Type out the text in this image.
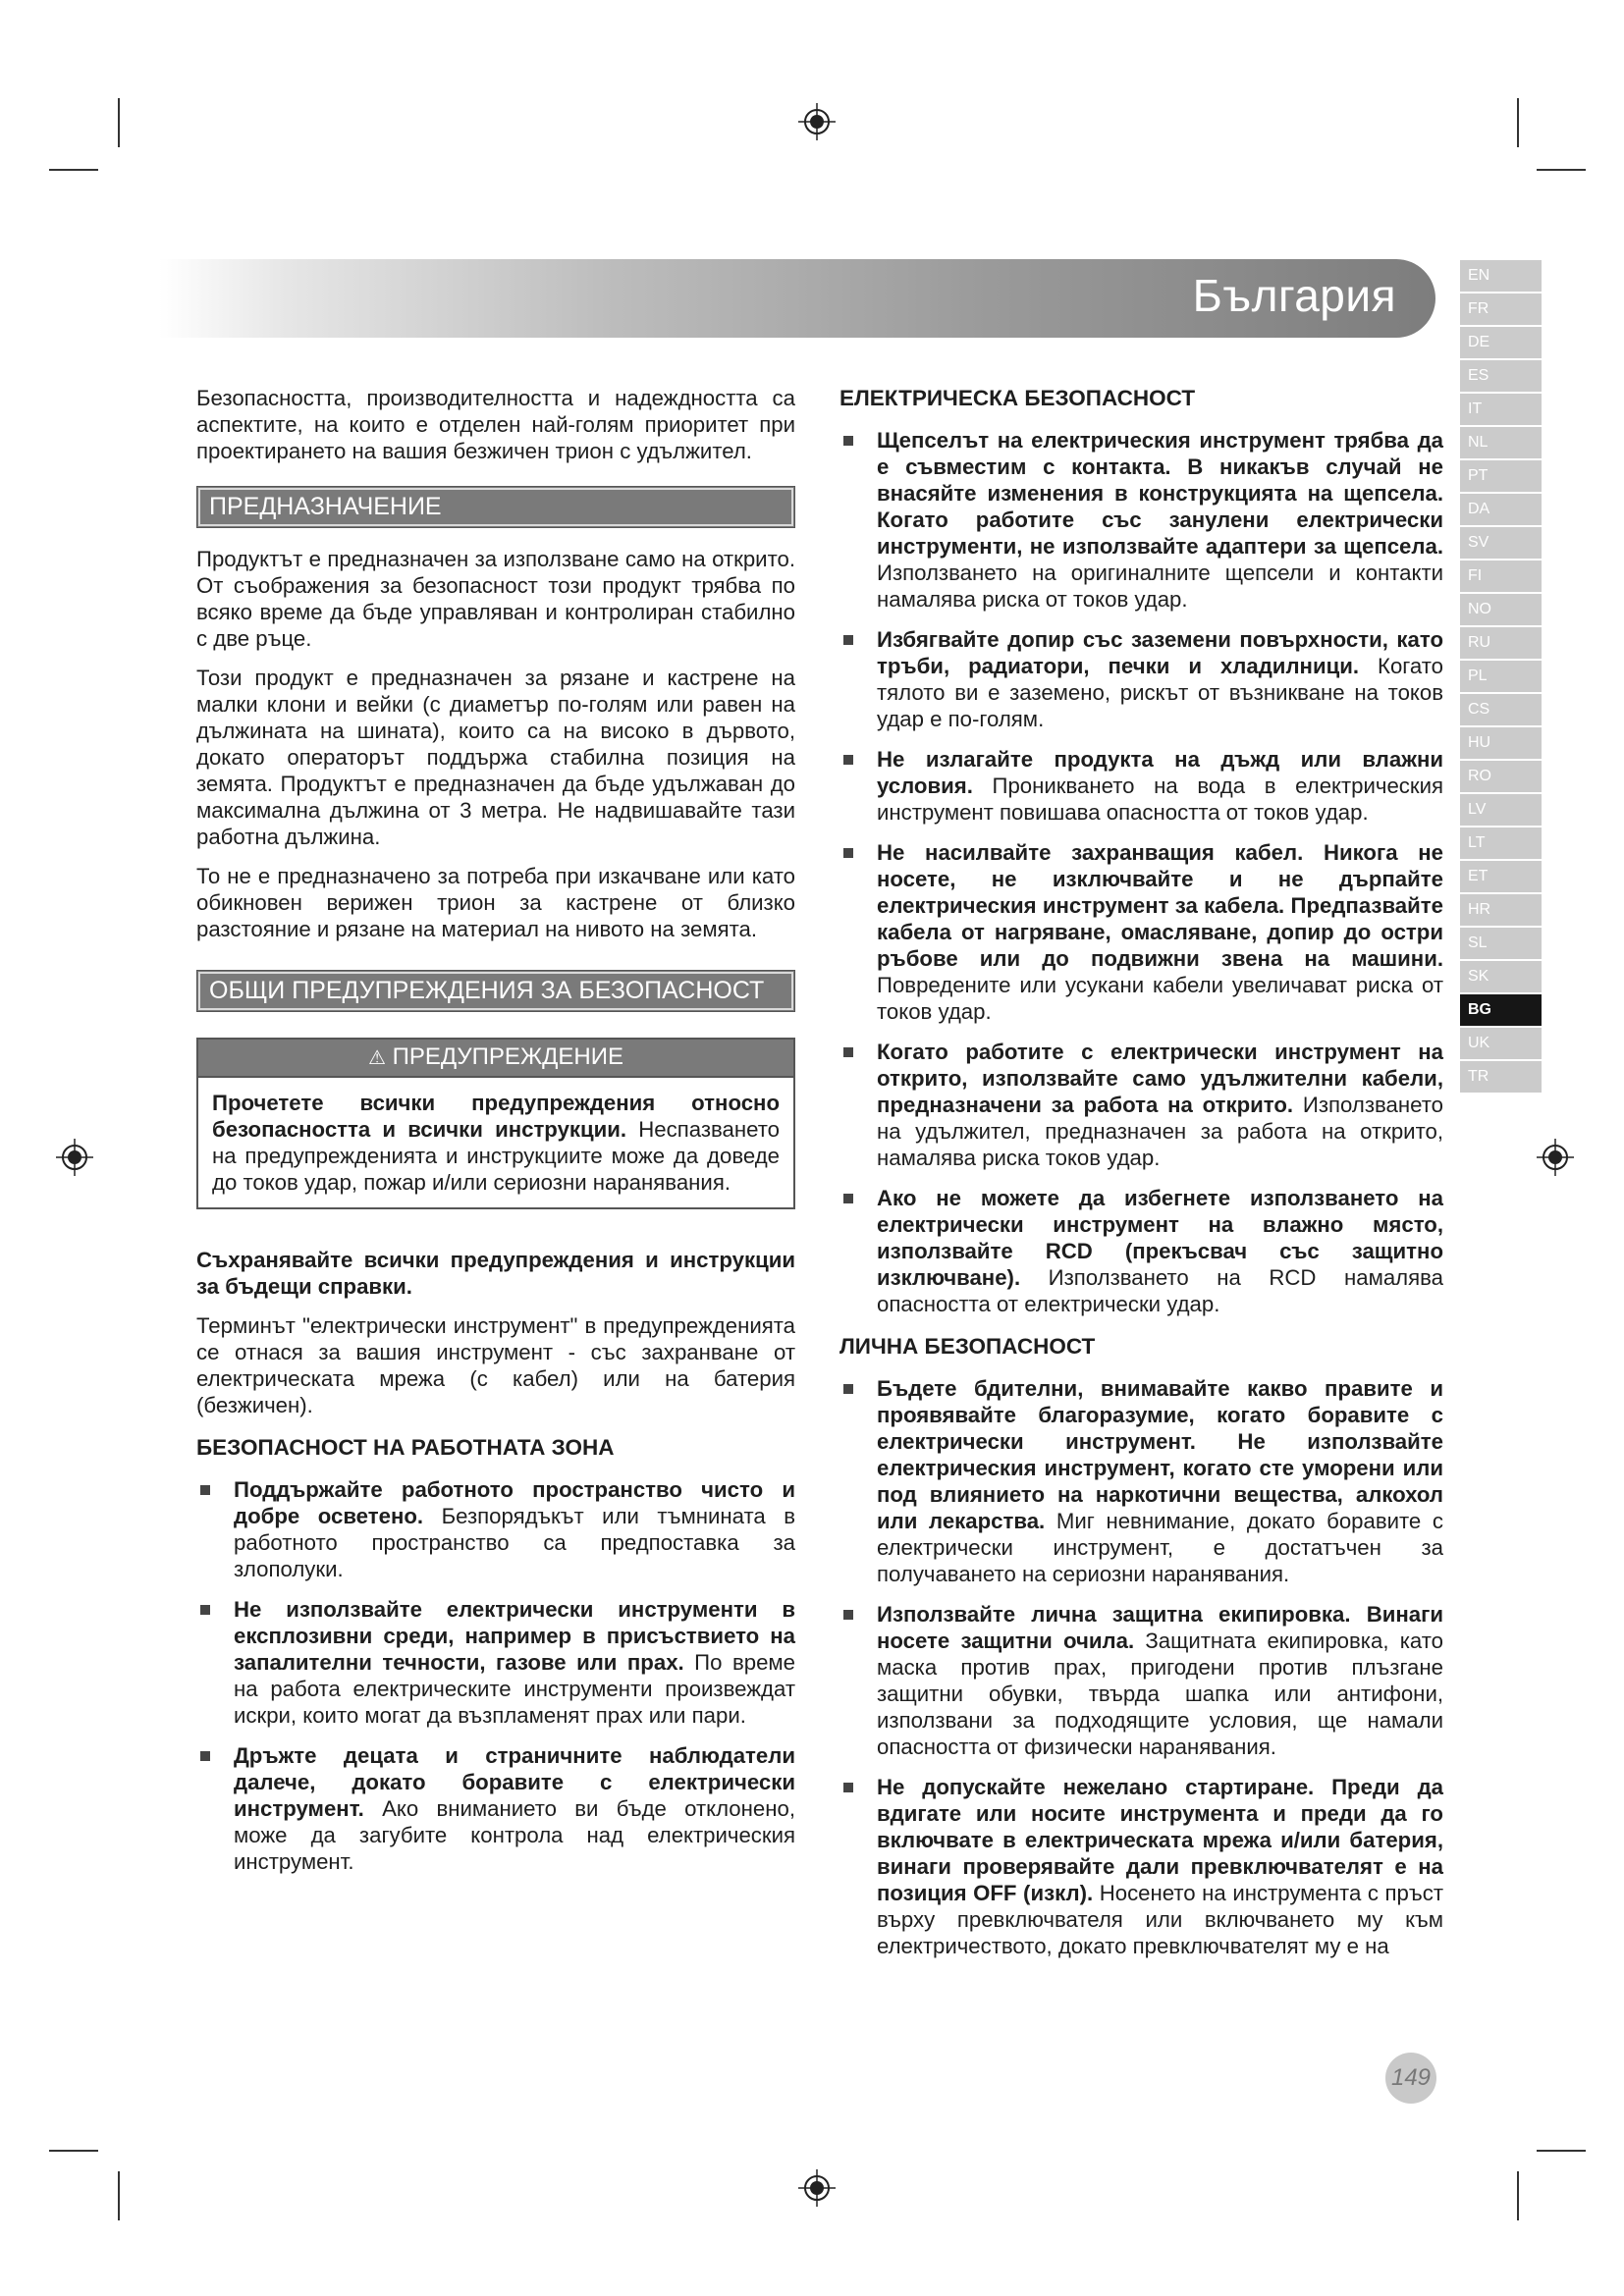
България	EN
FR
DE
ES
IT
NL
PT
DA
SV
FI
NO
RU
PL
CS
HU
RO
LV
LT
ET
HR
SL
SK
BG
UK
TR

Безопасността, производителността и надеждността са аспектите, на които е отделен най-голям приоритет при проектирането на вашия безжичен трион с удължител.

ПРЕДНАЗНАЧЕНИЕ

Продуктът е предназначен за използване само на открито. От съображения за безопасност този продукт трябва по всяко време да бъде управляван и контролиран стабилно с две ръце.

Този продукт е предназначен за рязане и кастрене на малки клони и вейки (с диаметър по-голям или равен на дължината на шината), които са на високо в дървото, докато операторът поддържа стабилна позиция на земята. Продуктът е предназначен да бъде удължаван до максимална дължина от 3 метра. Не надвишавайте тази работна дължина.

То не е предназначено за потреба при изкачване или като обикновен верижен трион за кастрене от близко разстояние и рязане на материал на нивото на земята.

ОБЩИ ПРЕДУПРЕЖДЕНИЯ ЗА БЕЗОПАСНОСТ
⚠ ПРЕДУПРЕЖДЕНИЕ

Прочетете всички предупреждения относно безопасността и всички инструкции. Неспазването на предупрежденията и инструкциите може да доведе до токов удар, пожар и/или сериозни наранявания.

Съхранявайте всички предупреждения и инструкции за бъдещи справки.

Терминът "електрически инструмент" в предупрежденията се отнася за вашия инструмент - със захранване от електрическата мрежа (с кабел) или на батерия (безжичен).

БЕЗОПАСНОСТ НА РАБОТНАТА ЗОНА
Поддържайте работното пространство чисто и добре осветено. Безпорядъкът или тъмнината в работното пространство са предпоставка за злополуки.
Не използвайте електрически инструменти в експлозивни среди, например в присъствието на запалителни течности, газове или прах. По време на работа електрическите инструменти произвеждат искри, които могат да възпламенят прах или пари.
Дръжте децата и страничните наблюдатели далече, докато боравите с електрически инструмент. Ако вниманието ви бъде отклонено, може да загубите контрола над електрическия инструмент.
ЕЛЕКТРИЧЕСКА БЕЗОПАСНОСТ
Щепселът на електрическия инструмент трябва да е съвместим с контакта. В никакъв случай не внасяйте изменения в конструкцията на щепсела. Когато работите със занулени електрически инструменти, не използвайте адаптери за щепсела. Използването на оригиналните щепсели и контакти намалява риска от токов удар.
Избягвайте допир със заземени повърхности, като тръби, радиатори, печки и хладилници. Когато тялото ви е заземено, рискът от възникване на токов удар е по-голям.
Не излагайте продукта на дъжд или влажни условия. Проникването на вода в електрическия инструмент повишава опасността от токов удар.
Не насилвайте захранващия кабел. Никога не носете, не изключвайте и не дърпайте електрическия инструмент за кабела. Предпазвайте кабела от нагряване, омасляване, допир до остри ръбове или до подвижни звена на машини. Повредените или усукани кабели увеличават риска от токов удар.
Когато работите с електрически инструмент на открито, използвайте само удължителни кабели, предназначени за работа на открито. Използването на удължител, предназначен за работа на открито, намалява риска токов удар.
Ако не можете да избегнете използването на електрически инструмент на влажно място, използвайте RCD (прекъсвач със защитно изключване). Използването на RCD намалява опасността от електрически удар.
ЛИЧНА БЕЗОПАСНОСТ
Бъдете бдителни, внимавайте какво правите и проявявайте благоразумие, когато боравите с електрически инструмент. Не използвайте електрическия инструмент, когато сте уморени или под влиянието на наркотични вещества, алкохол или лекарства. Миг невнимание, докато боравите с електрически инструмент, е достатъчен за получаването на сериозни наранявания.
Използвайте лична защитна екипировка. Винаги носете защитни очила. Защитната екипировка, като маска против прах, пригодени против плъзгане защитни обувки, твърда шапка или антифони, използвани за подходящите условия, ще намали опасността от физически наранявания.
Не допускайте нежелано стартиране. Преди да вдигате или носите инструмента и преди да го включвате в електрическата мрежа и/или батерия, винаги проверявайте дали превключвателят е на позиция OFF (изкл). Носенето на инструмента с пръст върху превключвателя или включването му към електричеството, докато превключвателят му е на
149
